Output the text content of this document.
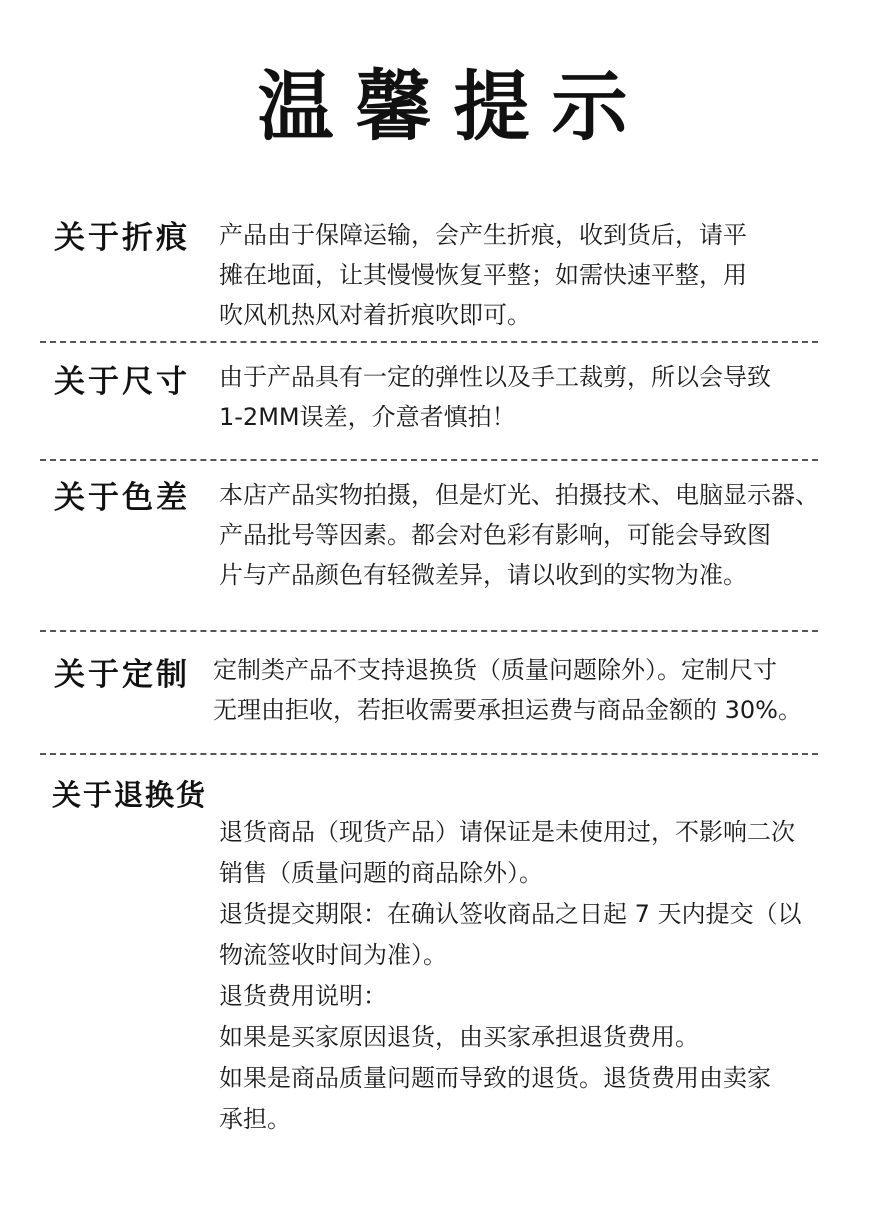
温馨提示
关于折痕 产品由于保障运输，会产生折痕，收到货后，请平

摊在地面，让其慢慢恢复平整；如需快速平整，用

吹风机热风对着折痕吹即可。

关于尺寸 由于产品具有一定的弹性以及手工裁剪，所以会导致

1-2MM误差，介意者慎拍！

关于色差 本店产品实物拍摄，但是灯光、拍摄技术、电脑显示器、

产品批号等因素。都会对色彩有影响，可能会导致图

片与产品颜色有轻微差异，请以收到的实物为准。

关于定制 定制类产品不支持退换货（质量问题除外）。定制尺寸

无理由拒收，若拒收需要承担运费与商品金额的 30%。

关于退换货

退货商品（现货产品）请保证是未使用过，不影响二次

销售（质量问题的商品除外）。

退货提交期限：在确认签收商品之日起 7 天内提交（以

物流签收时间为准）。

退货费用说明：

如果是买家原因退货，由买家承担退货费用。

如果是商品质量问题而导致的退货。退货费用由卖家

承担。
